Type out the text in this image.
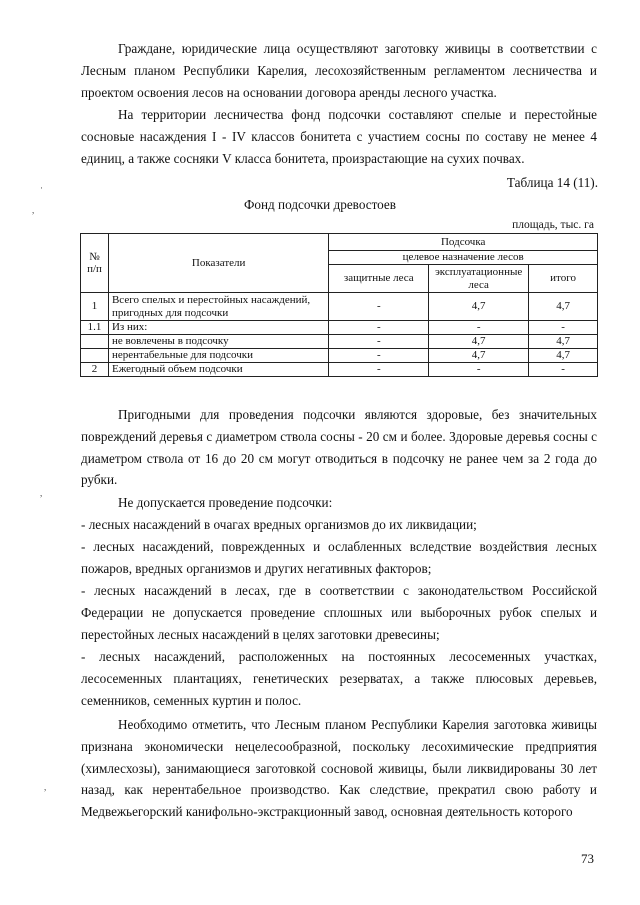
Граждане, юридические лица осуществляют заготовку живицы в соответствии с Лесным планом Республики Карелия, лесохозяйственным регламентом лесничества и проектом освоения лесов на основании договора аренды лесного участка.

На территории лесничества фонд подсочки составляют спелые и перестойные сосновые насаждения I - IV классов бонитета с участием сосны по составу не менее 4 единиц, а также сосняки V класса бонитета, произрастающие на сухих почвах.

Таблица 14 (11).
Фонд подсочки древостоев
площадь, тыс. га
№ п/п	Показатели	Подсочка		
		целевое назначение лесов		
		защитные леса	эксплуатационные леса	итого
1	Всего спелых и перестойных насаждений, пригодных для подсочки	-	4,7	4,7
1.1	Из них:	-	-	-
	не вовлечены в подсочку	-	4,7	4,7
	нерентабельные для подсочки	-	4,7	4,7
2	Ежегодный объем подсочки	-	-	-

Пригодными для проведения подсочки являются здоровые, без значительных повреждений деревья с диаметром ствола сосны - 20 см и более. Здоровые деревья сосны с диаметром ствола от 16 до 20 см могут отводиться в подсочку не ранее чем за 2 года до рубки.

Не допускается проведение подсочки:

- лесных насаждений в очагах вредных организмов до их ликвидации;

- лесных насаждений, поврежденных и ослабленных вследствие воздействия лесных пожаров, вредных организмов и других негативных факторов;

- лесных насаждений в лесах, где в соответствии с законодательством Российской Федерации не допускается проведение сплошных или выборочных рубок спелых и перестойных лесных насаждений в целях заготовки древесины;

- лесных насаждений, расположенных на постоянных лесосеменных участках, лесосеменных плантациях, генетических резерватах, а также плюсовых деревьев, семенников, семенных куртин и полос.

Необходимо отметить, что Лесным планом Республики Карелия заготовка живицы признана экономически нецелесообразной, поскольку лесохимические предприятия (химлесхозы), занимающиеся заготовкой сосновой живицы, были ликвидированы 30 лет назад, как нерентабельное производство. Как следствие, прекратил свою работу и Медвежьегорский канифольно-экстракционный завод, основная деятельность которого

73
·
,
,
,
